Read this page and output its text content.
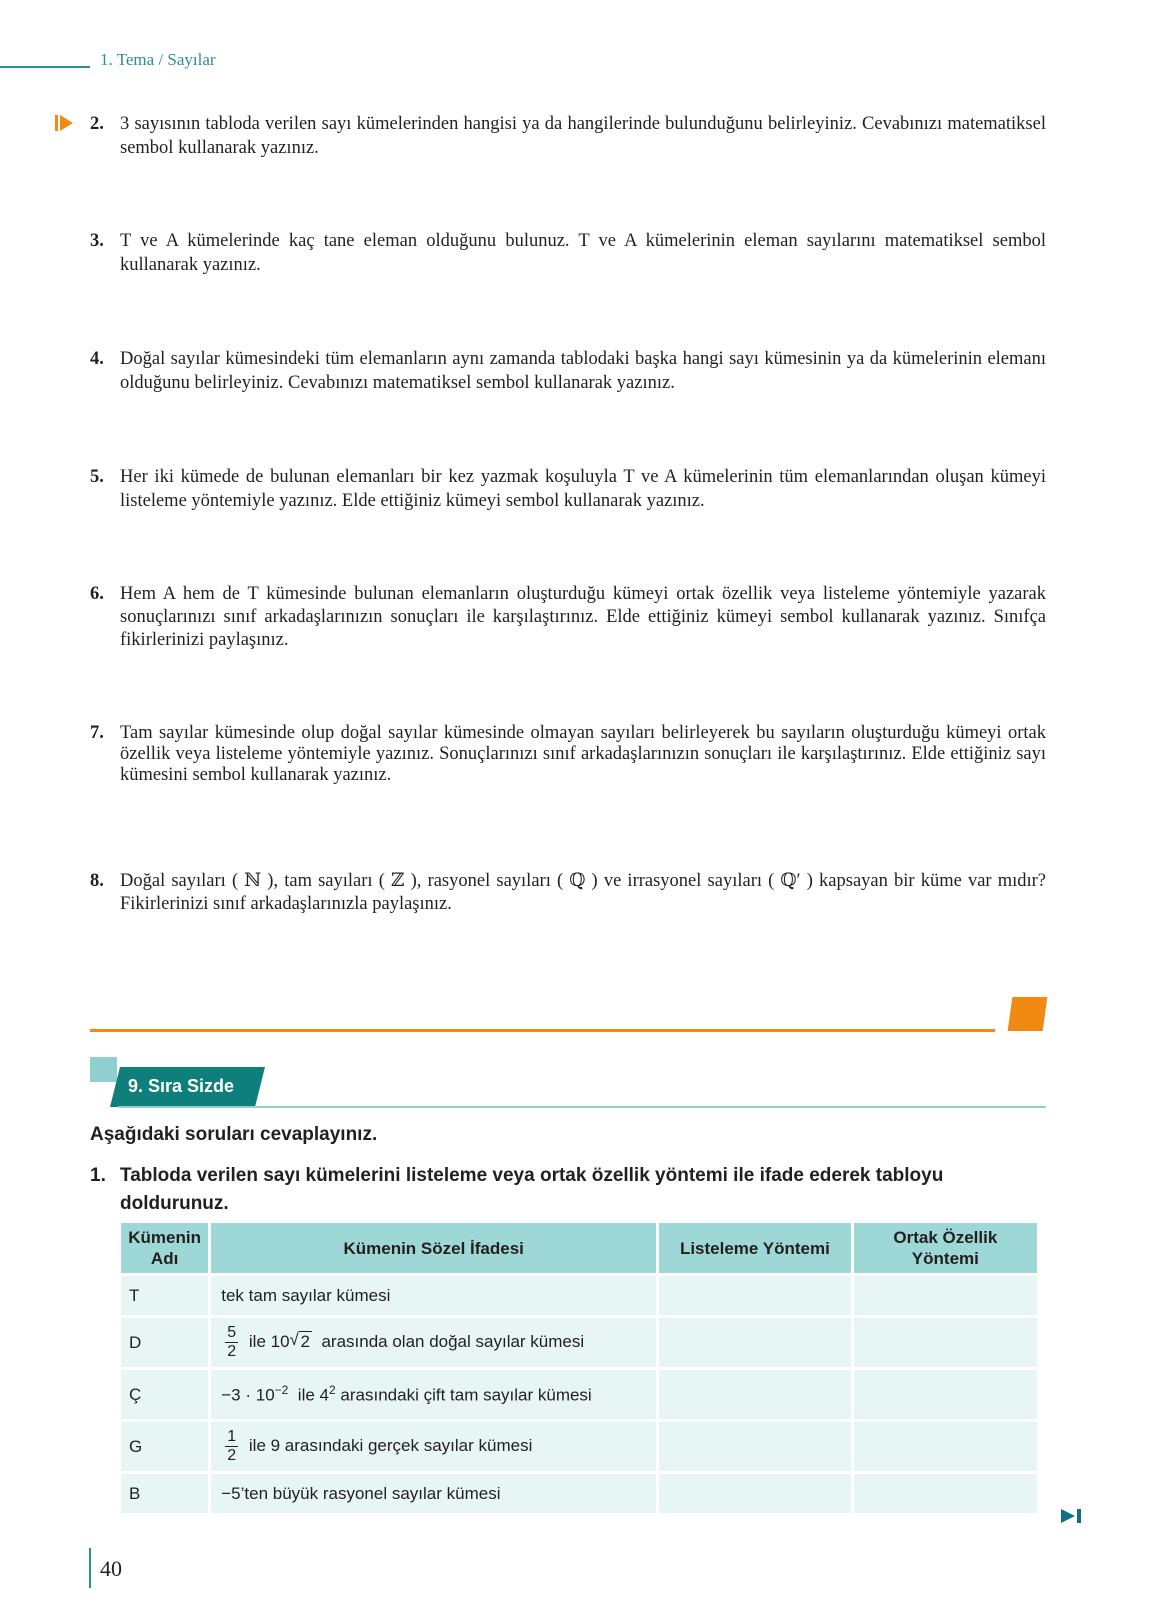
1. Tema / Sayılar
2. 3 sayısının tabloda verilen sayı kümelerinden hangisi ya da hangilerinde bulunduğunu belirleyiniz. Cevabınızı matematiksel sembol kullanarak yazınız.
3. T ve A kümelerinde kaç tane eleman olduğunu bulunuz. T ve A kümelerinin eleman sayılarını matematiksel sembol kullanarak yazınız.
4. Doğal sayılar kümesindeki tüm elemanların aynı zamanda tablodaki başka hangi sayı kümesinin ya da kümelerinin elemanı olduğunu belirleyiniz. Cevabınızı matematiksel sembol kullanarak yazınız.
5. Her iki kümede de bulunan elemanları bir kez yazmak koşuluyla T ve A kümelerinin tüm elemanlarından oluşan kümeyi listeleme yöntemiyle yazınız. Elde ettiğiniz kümeyi sembol kullanarak yazınız.
6. Hem A hem de T kümesinde bulunan elemanların oluşturduğu kümeyi ortak özellik veya listeleme yöntemiyle yazarak sonuçlarınızı sınıf arkadaşlarınızın sonuçları ile karşılaştırınız. Elde ettiğiniz kümeyi sembol kullanarak yazınız. Sınıfça fikirlerinizi paylaşınız.
7. Tam sayılar kümesinde olup doğal sayılar kümesinde olmayan sayıları belirleyerek bu sayıların oluşturduğu kümeyi ortak özellik veya listeleme yöntemiyle yazınız. Sonuçlarınızı sınıf arkadaşlarınızın sonuçları ile karşılaştırınız. Elde ettiğiniz sayı kümesini sembol kullanarak yazınız.
8. Doğal sayıları ( ℕ ), tam sayıları ( ℤ ), rasyonel sayıları ( ℚ ) ve irrasyonel sayıları ( ℚ′ ) kapsayan bir küme var mıdır? Fikirlerinizi sınıf arkadaşlarınızla paylaşınız.
9. Sıra Sizde
Aşağıdaki soruları cevaplayınız.
1. Tabloda verilen sayı kümelerini listeleme veya ortak özellik yöntemi ile ifade ederek tabloyu doldurunuz.
Kümenin Adı	Kümenin Sözel İfadesi	Listeleme Yöntemi	Ortak Özellik Yöntemi
T	tek tam sayılar kümesi		
D	$\frac{5}{2}$ ile 10 √ 2 arasında olan doğal sayılar kümesi		
Ç	$-3 \cdot 10^{-2}$ ile $4^2$ arasındaki çift tam sayılar kümesi		
G	$\frac{1}{2}$ ile 9 arasındaki gerçek sayılar kümesi		
B	−5’ten büyük rasyonel sayılar kümesi		
40
